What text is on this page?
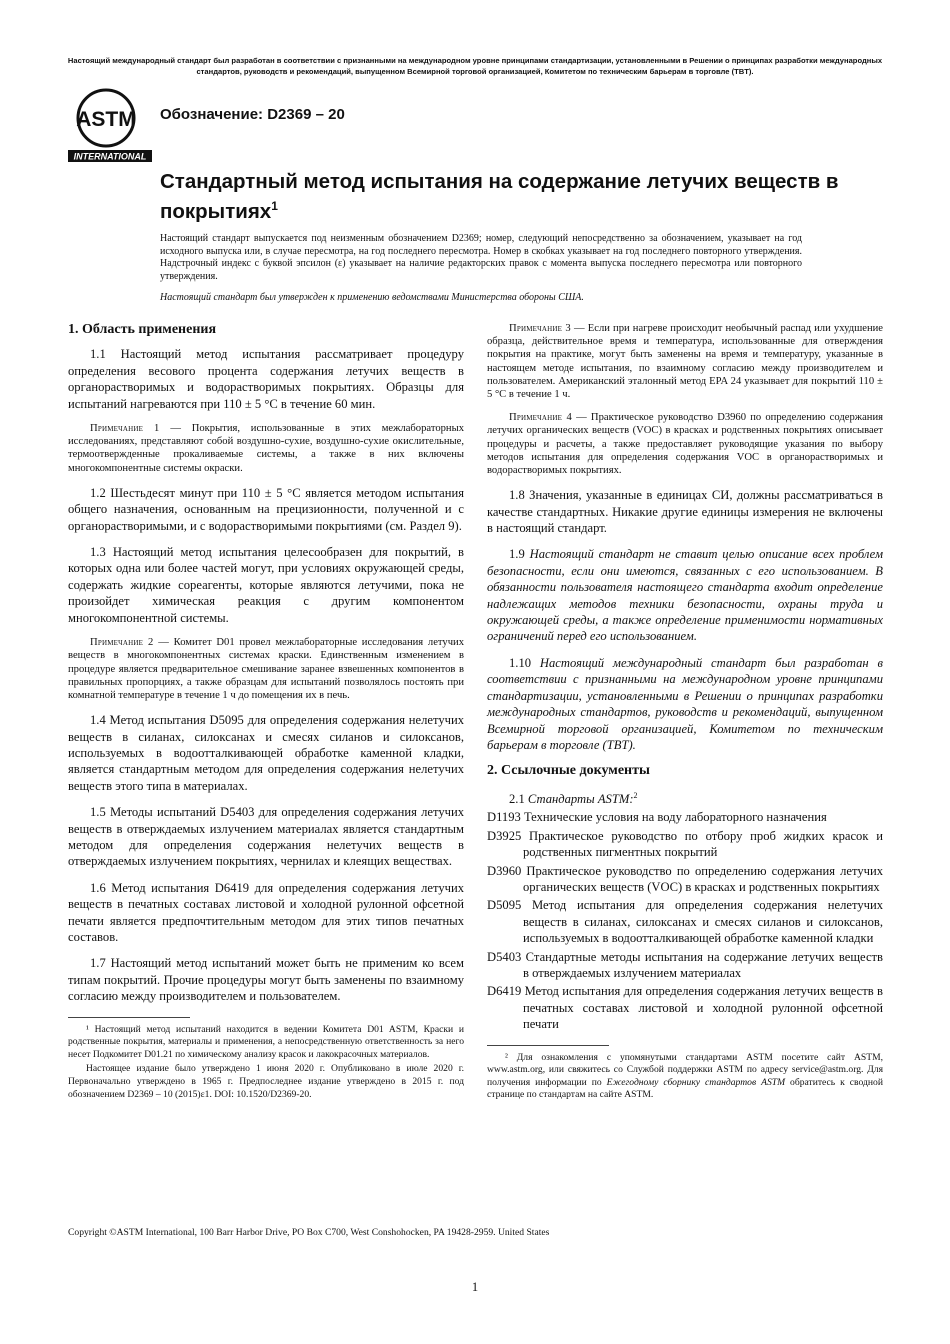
Настоящий международный стандарт был разработан в соответствии с признанными на международном уровне принципами стандартизации, установленными в Решении о принципах разработки международных стандартов, руководств и рекомендаций, выпущенном Всемирной торговой организацией, Комитетом по техническим барьерам в торговле (TBT).
ASTM
INTERNATIONAL
Обозначение: D2369 – 20
Стандартный метод испытания на содержание летучих веществ в покрытиях$^1$
Настоящий стандарт выпускается под неизменным обозначением D2369; номер, следующий непосредственно за обозначением, указывает на год исходного выпуска или, в случае пересмотра, на год последнего пересмотра. Номер в скобках указывает на год последнего повторного утверждения. Надстрочный индекс с буквой эпсилон (ε) указывает на наличие редакторских правок с момента выпуска последнего пересмотра или повторного утверждения.
Настоящий стандарт был утвержден к применению ведомствами Министерства обороны США.
1. Область применения

1.1 Настоящий метод испытания рассматривает процедуру определения весового процента содержания летучих веществ в органорастворимых и водорастворимых покрытиях. Образцы для испытаний нагреваются при 110 ± 5 °С в течение 60 мин.

Примечание 1 — Покрытия, использованные в этих межлабораторных исследованиях, представляют собой воздушно-сухие, воздушно-сухие окислительные, термоотвержденные прокаливаемые системы, а также в них включены многокомпонентные системы окраски.

1.2 Шестьдесят минут при 110 ± 5 °С является методом испытания общего назначения, основанным на прецизионности, полученной и с органорастворимыми, и с водорастворимыми покрытиями (см. Раздел 9).

1.3 Настоящий метод испытания целесообразен для покрытий, в которых одна или более частей могут, при условиях окружающей среды, содержать жидкие сореагенты, которые являются летучими, пока не произойдет химическая реакция с другим компонентом многокомпонентной системы.

Примечание 2 — Комитет D01 провел межлабораторные исследования летучих веществ в многокомпонентных системах краски. Единственным изменением в процедуре является предварительное смешивание заранее взвешенных компонентов в правильных пропорциях, а также образцам для испытаний позволялось постоять при комнатной температуре в течение 1 ч до помещения их в печь.

1.4 Метод испытания D5095 для определения содержания нелетучих веществ в силанах, силоксанах и смесях силанов и силоксанов, используемых в водоотталкивающей обработке каменной кладки, является стандартным методом для определения содержания нелетучих веществ этого типа в материалах.

1.5 Методы испытаний D5403 для определения содержания летучих веществ в отверждаемых излучением материалах является стандартным методом для определения содержания нелетучих веществ в отверждаемых излучением покрытиях, чернилах и клеящих веществах.

1.6 Метод испытания D6419 для определения содержания летучих веществ в печатных составах листовой и холодной рулонной офсетной печати является предпочтительным методом для этих типов печатных составов.

1.7 Настоящий метод испытаний может быть не применим ко всем типам покрытий. Прочие процедуры могут быть заменены по взаимному согласию между производителем и пользователем.

¹ Настоящий метод испытаний находится в ведении Комитета D01 ASTM, Краски и родственные покрытия, материалы и применения, а непосредственную ответственность за него несет Подкомитет D01.21 по химическому анализу красок и лакокрасочных материалов.

Настоящее издание было утверждено 1 июня 2020 г. Опубликовано в июле 2020 г. Первоначально утверждено в 1965 г. Предпоследнее издание утверждено в 2015 г. под обозначением D2369 – 10 (2015)ε1. DOI: 10.1520/D2369-20.

Примечание 3 — Если при нагреве происходит необычный распад или ухудшение образца, действительное время и температура, использованные для отверждения покрытия на практике, могут быть заменены на время и температуру, указанные в настоящем методе испытания, по взаимному согласию между производителем и пользователем. Американский эталонный метод EPA 24 указывает для покрытий 110 ± 5 °С в течение 1 ч.

Примечание 4 — Практическое руководство D3960 по определению содержания летучих органических веществ (VOC) в красках и родственных покрытиях описывает процедуры и расчеты, а также предоставляет руководящие указания по выбору методов испытания для определения содержания VOC в органорастворимых и водорастворимых покрытиях.

1.8 Значения, указанные в единицах СИ, должны рассматриваться в качестве стандартных. Никакие другие единицы измерения не включены в настоящий стандарт.

1.9 Настоящий стандарт не ставит целью описание всех проблем безопасности, если они имеются, связанных с его использованием. В обязанности пользователя настоящего стандарта входит определение надлежащих методов техники безопасности, охраны труда и окружающей среды, а также определение применимости нормативных ограничений перед его использованием.

1.10 Настоящий международный стандарт был разработан в соответствии с признанными на международном уровне принципами стандартизации, установленными в Решении о принципах разработки международных стандартов, руководств и рекомендаций, выпущенном Всемирной торговой организацией, Комитетом по техническим барьерам в торговле (TBT).

2. Ссылочные документы

2.1 Стандарты ASTM:$^2$

D1193 Технические условия на воду лабораторного назначения

D3925 Практическое руководство по отбору проб жидких красок и родственных пигментных покрытий

D3960 Практическое руководство по определению содержания летучих органических веществ (VOC) в красках и родственных покрытиях

D5095 Метод испытания для определения содержания нелетучих веществ в силанах, силоксанах и смесях силанов и силоксанов, используемых в водоотталкивающей обработке каменной кладки

D5403 Стандартные методы испытания на содержание летучих веществ в отверждаемых излучением материалах

D6419 Метод испытания для определения содержания летучих веществ в печатных составах листовой и холодной рулонной офсетной печати

² Для ознакомления с упомянутыми стандартами ASTM посетите сайт ASTM, www.astm.org, или свяжитесь со Службой поддержки ASTM по адресу service@astm.org. Для получения информации по Ежегодному сборнику стандартов ASTM обратитесь к сводной странице по стандартам на сайте ASTM.

Copyright ©ASTM International, 100 Barr Harbor Drive, PO Box C700, West Conshohocken, PA 19428-2959. United States
1
